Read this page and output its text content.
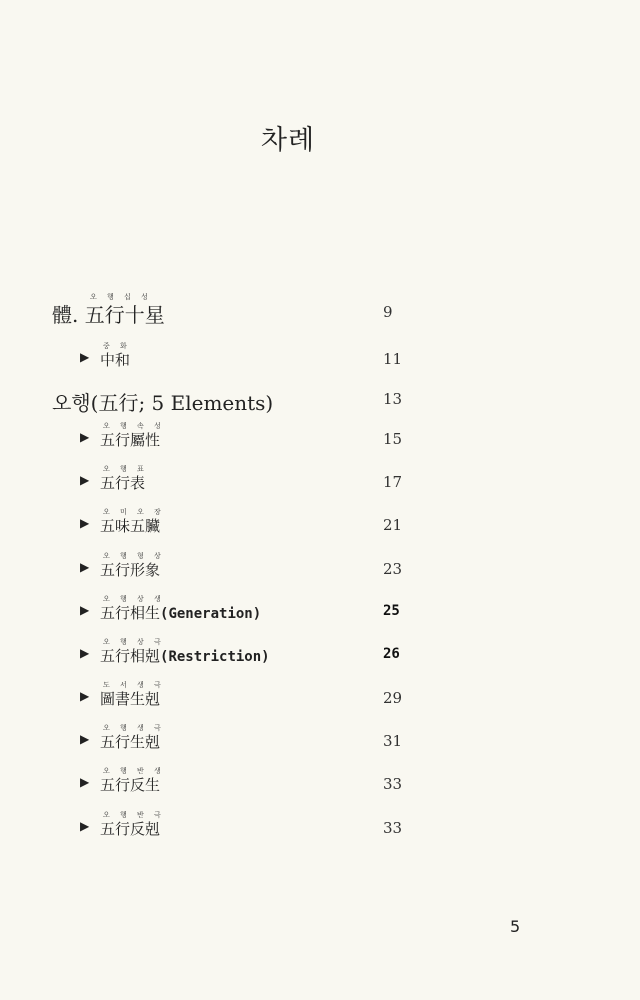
차례
오 행 십 성
體. 五行十星	9
▶
중 화
中和	11
오행(五行; 5 Elements)	13
▶
오 행 속 성
五行屬性	15
▶
오 행 표
五行表	17
▶
오 미 오 장
五味五臟	21
▶
오 행 형 상
五行形象	23
▶
오 행 상 생
五行相生(Generation)	25
▶
오 행 상 극
五行相剋(Restriction)	26
▶
도 서 생 극
圖書生剋	29
▶
오 행 생 극
五行生剋	31
▶
오 행 반 생
五行反生	33
▶
오 행 반 극
五行反剋	33
5
